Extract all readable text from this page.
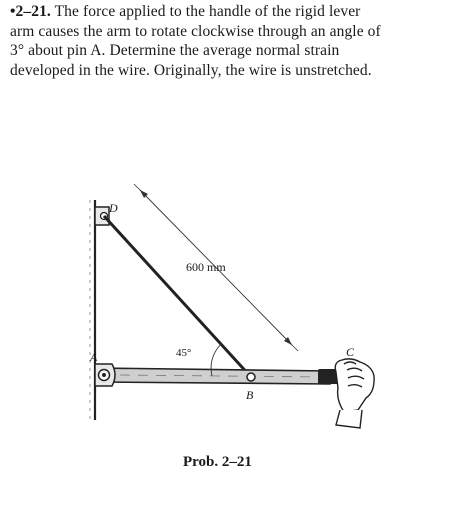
•2–21. The force applied to the handle of the rigid lever
arm causes the arm to rotate clockwise through an angle of
3° about pin A. Determine the average normal strain
developed in the wire. Originally, the wire is unstretched.
D
A
B
C
600 mm
45°
Prob. 2–21
